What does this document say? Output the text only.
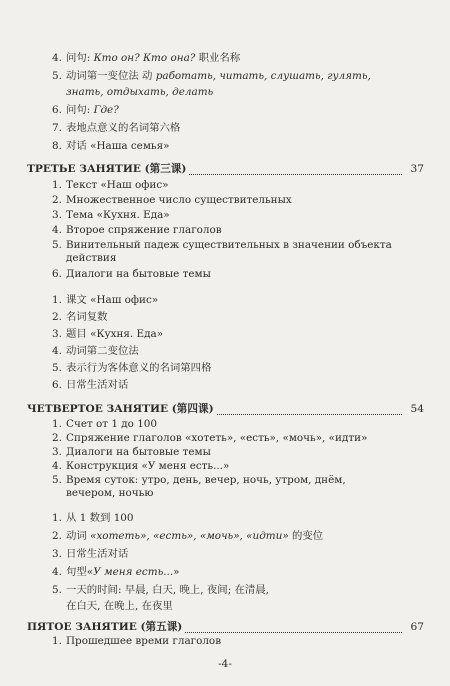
4. 问句: Кто он? Кто она? 职业名称
5. 动词第一变位法 动 работать, читать, слушать, гулять,
знать, отдыхать, делать
6. 问句: Где?
7. 表地点意义的名词第六格
8. 对话 «Наша семья»
ТРЕТЬЕ ЗАНЯТИЕ (第三课)	37
1. Текст «Наш офис»
2. Множественное число существительных
3. Тема «Кухня. Еда»
4. Второе спряжение глаголов
5. Винительный падеж существительных в значении объекта
действия
6. Диалоги на бытовые темы
1. 课文 «Наш офис»
2. 名词复数
3. 题目 «Кухня. Еда»
4. 动词第二变位法
5. 表示行为客体意义的名词第四格
6. 日常生活对话
ЧЕТВЕРТОЕ ЗАНЯТИЕ (第四课)	54
1. Счет от 1 до 100
2. Спряжение глаголов «хотеть», «есть», «мочь», «идти»
3. Диалоги на бытовые темы
4. Конструкция «У меня есть...»
5. Время суток: утро, день, вечер, ночь, утром, днём,
вечером, ночью
1. 从 1 数到 100
2. 动词 «хотеть», «есть», «мочь», «идти» 的变位
3. 日常生活对话
4. 句型«У меня есть...»
5. 一天的时间: 早晨, 白天, 晚上, 夜间; 在清晨,
在白天, 在晚上, 在夜里
ПЯТОЕ ЗАНЯТИЕ (第五课)	67
1. Прошедшее времи глаголов
-4-
